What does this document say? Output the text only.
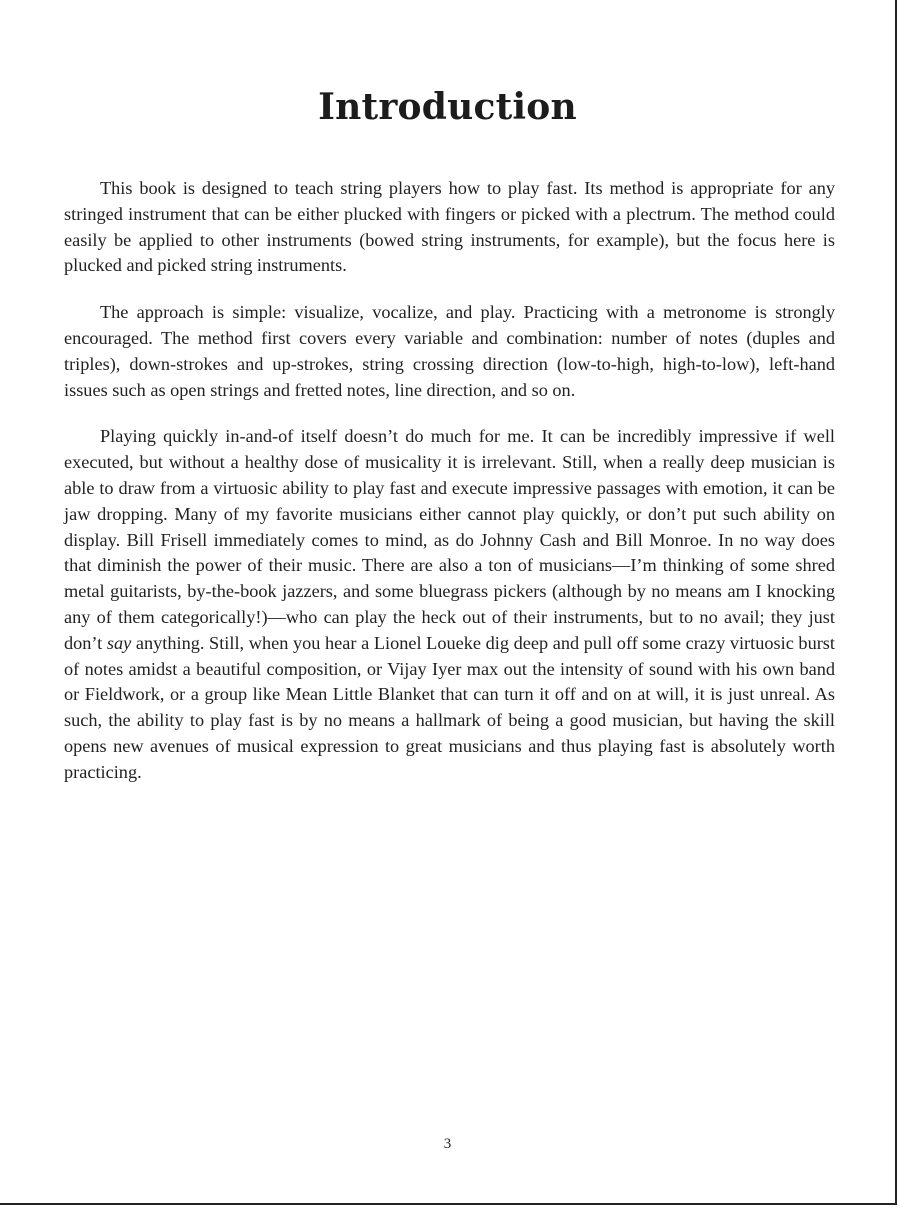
Introduction

This book is designed to teach string players how to play fast. Its method is appropriate for any stringed instrument that can be either plucked with fingers or picked with a plectrum. The method could easily be applied to other instruments (bowed string instruments, for example), but the focus here is plucked and picked string instruments.

The approach is simple: visualize, vocalize, and play. Practicing with a metronome is strongly encouraged. The method first covers every variable and combination: number of notes (duples and triples), down-strokes and up-strokes, string crossing direction (low-to-high, high-to-low), left-hand issues such as open strings and fretted notes, line direction, and so on.

Playing quickly in-and-of itself doesn’t do much for me. It can be incredibly impressive if well executed, but without a healthy dose of musicality it is irrelevant. Still, when a really deep musician is able to draw from a virtuosic ability to play fast and execute impressive passages with emotion, it can be jaw dropping. Many of my favorite musicians either cannot play quickly, or don’t put such ability on display. Bill Frisell immediately comes to mind, as do Johnny Cash and Bill Monroe. In no way does that diminish the power of their music. There are also a ton of musicians—I’m thinking of some shred metal guitarists, by-the-book jazzers, and some bluegrass pickers (although by no means am I knocking any of them categorically!)—who can play the heck out of their instruments, but to no avail; they just don’t say anything. Still, when you hear a Lionel Loueke dig deep and pull off some crazy virtuosic burst of notes amidst a beautiful composition, or Vijay Iyer max out the intensity of sound with his own band or Fieldwork, or a group like Mean Little Blanket that can turn it off and on at will, it is just unreal. As such, the ability to play fast is by no means a hallmark of being a good musician, but having the skill opens new avenues of musical expression to great musicians and thus playing fast is absolutely worth practicing.

3
